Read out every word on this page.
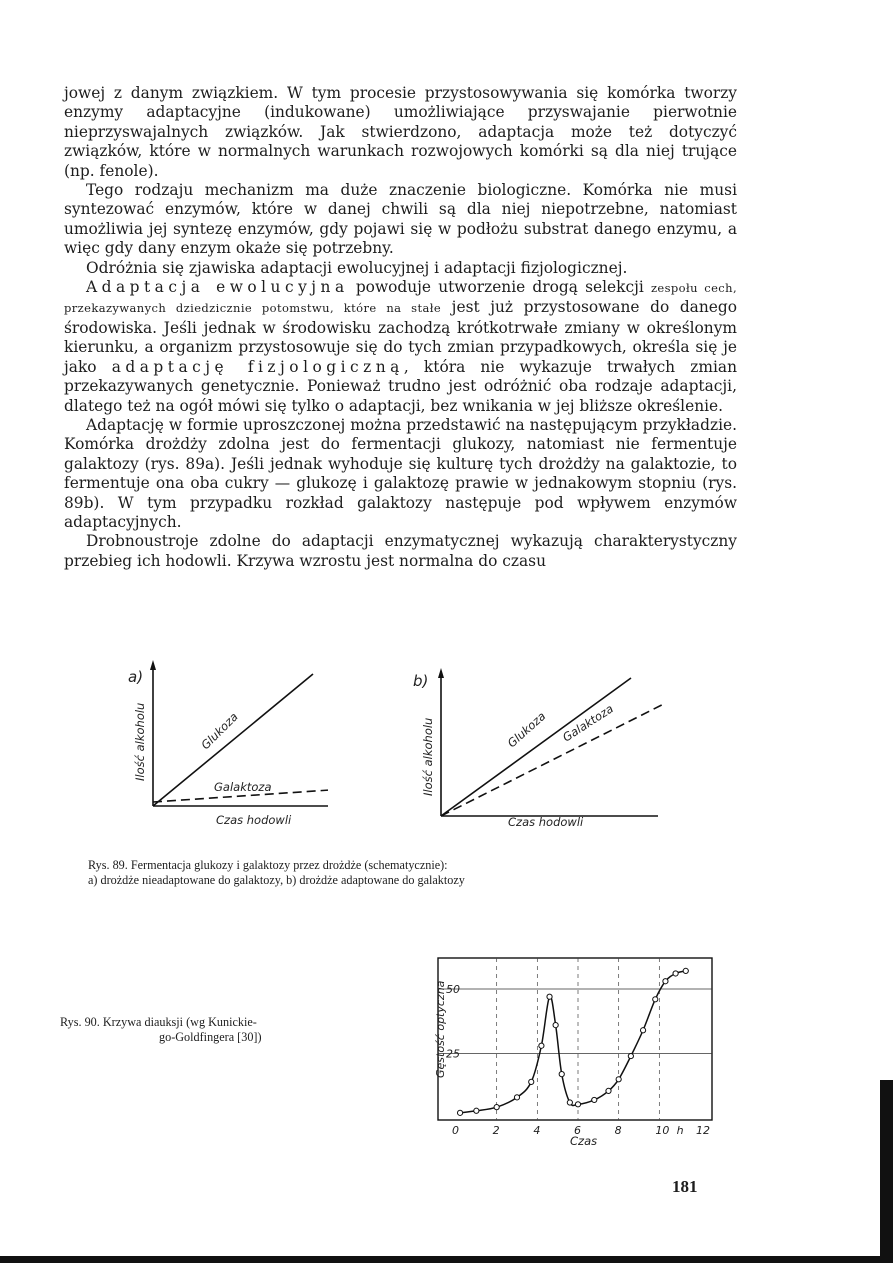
jowej z danym związkiem. W tym procesie przystosowywania się komórka tworzy enzymy adaptacyjne (indukowane) umożliwiające przyswajanie pierwotnie nieprzyswajalnych związków. Jak stwierdzono, adaptacja może też dotyczyć związków, które w normalnych warunkach rozwojowych komórki są dla niej trujące (np. fenole).

Tego rodzaju mechanizm ma duże znaczenie biologiczne. Komórka nie musi syntezować enzymów, które w danej chwili są dla niej niepotrzebne, natomiast umożliwia jej syntezę enzymów, gdy pojawi się w podłożu substrat danego enzymu, a więc gdy dany enzym okaże się potrzebny.

Odróżnia się zjawiska adaptacji ewolucyjnej i adaptacji fizjologicznej.

Adaptacja ewolucyjna powoduje utworzenie drogą selekcji zespołu cech, przekazywanych dziedzicznie potomstwu, które na stałe jest już przystosowane do danego środowiska. Jeśli jednak w środowisku zachodzą krótkotrwałe zmiany w określonym kierunku, a organizm przystosowuje się do tych zmian przypadkowych, określa się je jako adaptację fizjologiczną, która nie wykazuje trwałych zmian przekazywanych genetycznie. Ponieważ trudno jest odróżnić oba rodzaje adaptacji, dlatego też na ogół mówi się tylko o adaptacji, bez wnikania w jej bliższe określenie.

Adaptację w formie uproszczonej można przedstawić na następującym przykładzie. Komórka drożdży zdolna jest do fermentacji glukozy, natomiast nie fermentuje galaktozy (rys. 89a). Jeśli jednak wyhoduje się kulturę tych drożdży na galaktozie, to fermentuje ona oba cukry — glukozę i galaktozę prawie w jednakowym stopniu (rys. 89b). W tym przypadku rozkład galaktozy następuje pod wpływem enzymów adaptacyjnych.

Drobnoustroje zdolne do adaptacji enzymatycznej wykazują charakterystyczny przebieg ich hodowli. Krzywa wzrostu jest normalna do czasu

a)
Ilość alkoholu
Czas hodowli
Glukoza
Galaktoza
b)
Ilość alkoholu
Czas hodowli
Glukoza Galaktoza
Rys. 89. Fermentacja glukozy i galaktozy przez drożdże (schematycznie):
a) drożdże nieadaptowane do galaktozy, b) drożdże adaptowane do galaktozy
Rys. 90. Krzywa diauksji (wg Kunickie-
go-Goldfingera [30])
25
50
0	2	4	6	8	10 12
h
Gęstość optyczna
Czas
181
